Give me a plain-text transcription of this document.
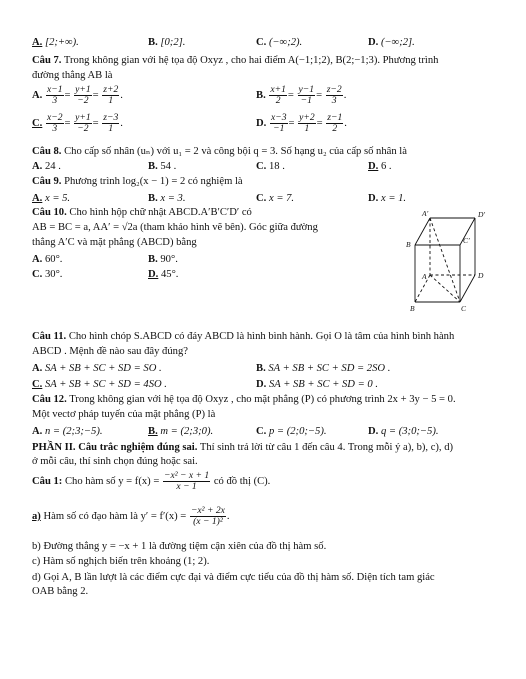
A. [2;+∞).	B. [0;2].	C. (−∞;2).	D. (−∞;2].
Câu 7. Trong không gian với hệ tọa độ Oxyz , cho hai điểm A(−1;1;2), B(2;−1;3). Phương trình
đường thẳng AB là
A. $\frac{x-1}{3} = \frac{y+1}{-2} = \frac{z+2}{1}$ .	B. $\frac{x+1}{2} = \frac{y-1}{-1} = \frac{z-2}{3}$ .
C. $\frac{x-2}{3} = \frac{y+1}{-2} = \frac{z-3}{1}$ .	D. $\frac{x-3}{-1} = \frac{y+2}{1} = \frac{z-1}{2}$ .
Câu 8. Cho cấp số nhân (uₙ) với u₁ = 2 và công bội q = 3. Số hạng u₂ của cấp số nhân là
A. 24 .	B. 54 .	C. 18 .	D. 6 .
Câu 9. Phương trình log₂(x − 1) = 2 có nghiệm là
A. x = 5.	B. x = 3.	C. x = 7.	D. x = 1.
Câu 10. Cho hình hộp chữ nhật ABCD.A′B′C′D′ có
AB = BC = a, AA′ = √2a (tham khảo hình vẽ bên). Góc giữa đường
thẳng A′C và mặt phẳng (ABCD) bằng
A. 60°.	B. 90°.
C. 30°.	D. 45°.
A′	D′
B	C′
A	D
B	C
Câu 11. Cho hình chóp S.ABCD có đáy ABCD là hình bình hành. Gọi O là tâm của hình bình hành
ABCD . Mệnh đề nào sau đây đúng?
A. SA + SB + SC + SD = SO .	B. SA + SB + SC + SD = 2SO .
C. SA + SB + SC + SD = 4SO .	D. SA + SB + SC + SD = 0 .
Câu 12. Trong không gian với hệ tọa độ Oxyz , cho mặt phẳng (P) có phương trình 2x + 3y − 5 = 0.
Một vectơ pháp tuyến của mặt phẳng (P) là
A. n = (2;3;−5).	B. m = (2;3;0).	C. p = (2;0;−5).	D. q = (3;0;−5).
PHẦN II. Câu trắc nghiệm đúng sai. Thí sinh trả lời từ câu 1 đến câu 4. Trong mỗi ý a), b), c), d)
ở mỗi câu, thí sinh chọn đúng hoặc sai.
Câu 1: Cho hàm số $y = f(x) = \frac{\text{−x² − x + 1}}{x - 1}$ có đồ thị (C).
a) Hàm số có đạo hàm là $y' = f'(x) = \frac{\text{−x² + 2x}}{\text{(x − 1)²}}$ .
b) Đường thẳng y = −x + 1 là đường tiệm cận xiên của đồ thị hàm số.
c) Hàm số nghịch biến trên khoảng (1; 2).
d) Gọi A, B lần lượt là các điểm cực đại và điểm cực tiểu của đồ thị hàm số. Diện tích tam giác
OAB bằng 2.
